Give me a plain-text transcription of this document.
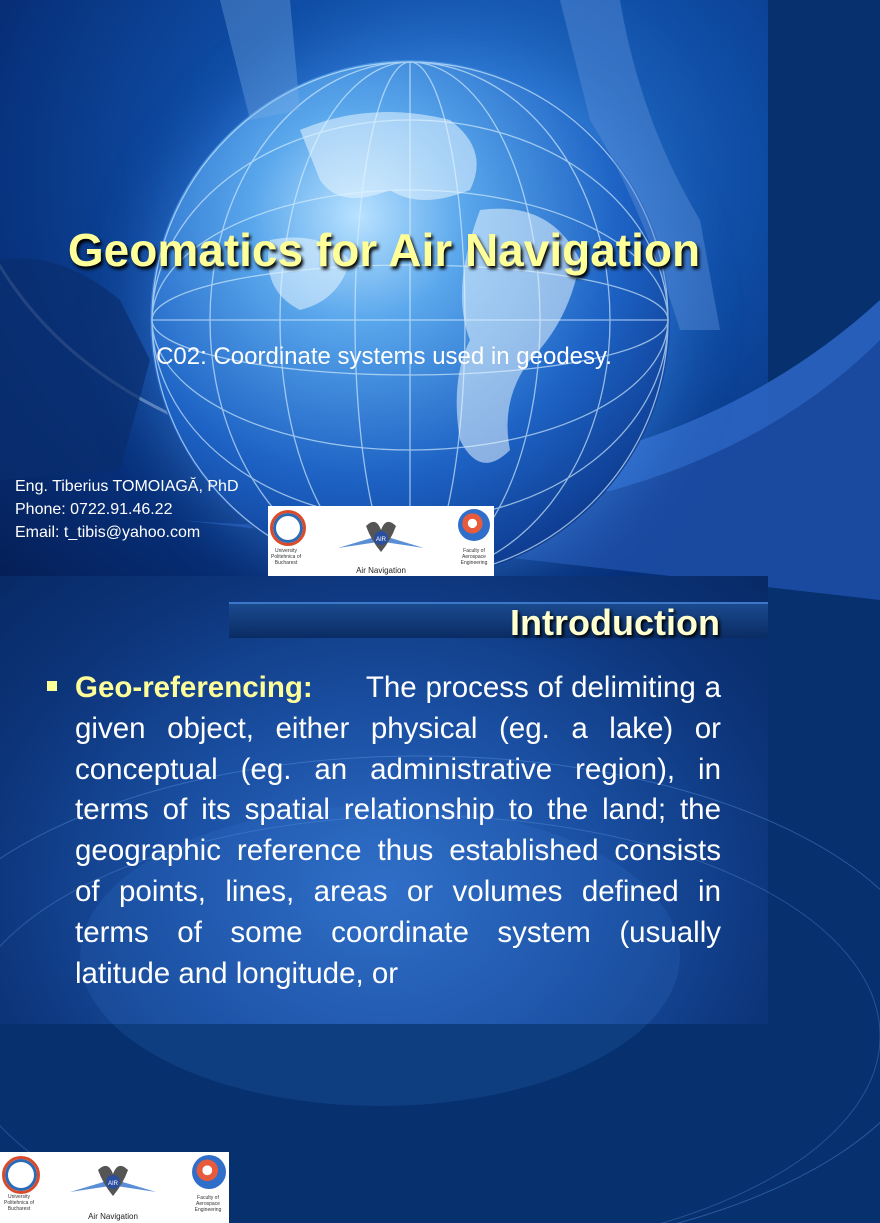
Geomatics for Air Navigation

C02: Coordinate systems used in geodesy.

Eng. Tiberius TOMOIAGĂ, PhD
Phone: 0722.91.46.22
Email: t_tibis@yahoo.com
University Politehnica of Bucharest
AIR
Air Navigation
Faculty of Aerospace Engineering
Introduction
University Politehnica of Bucharest
AIR
Air Navigation
Faculty of Aerospace Engineering

Geo-referencing: The process of delimiting a given object, either physical (eg. a lake) or conceptual (eg. an administrative region), in terms of its spatial relationship to the land; the geographic reference thus established consists of points, lines, areas or volumes defined in terms of some coordinate system (usually latitude and longitude, or
